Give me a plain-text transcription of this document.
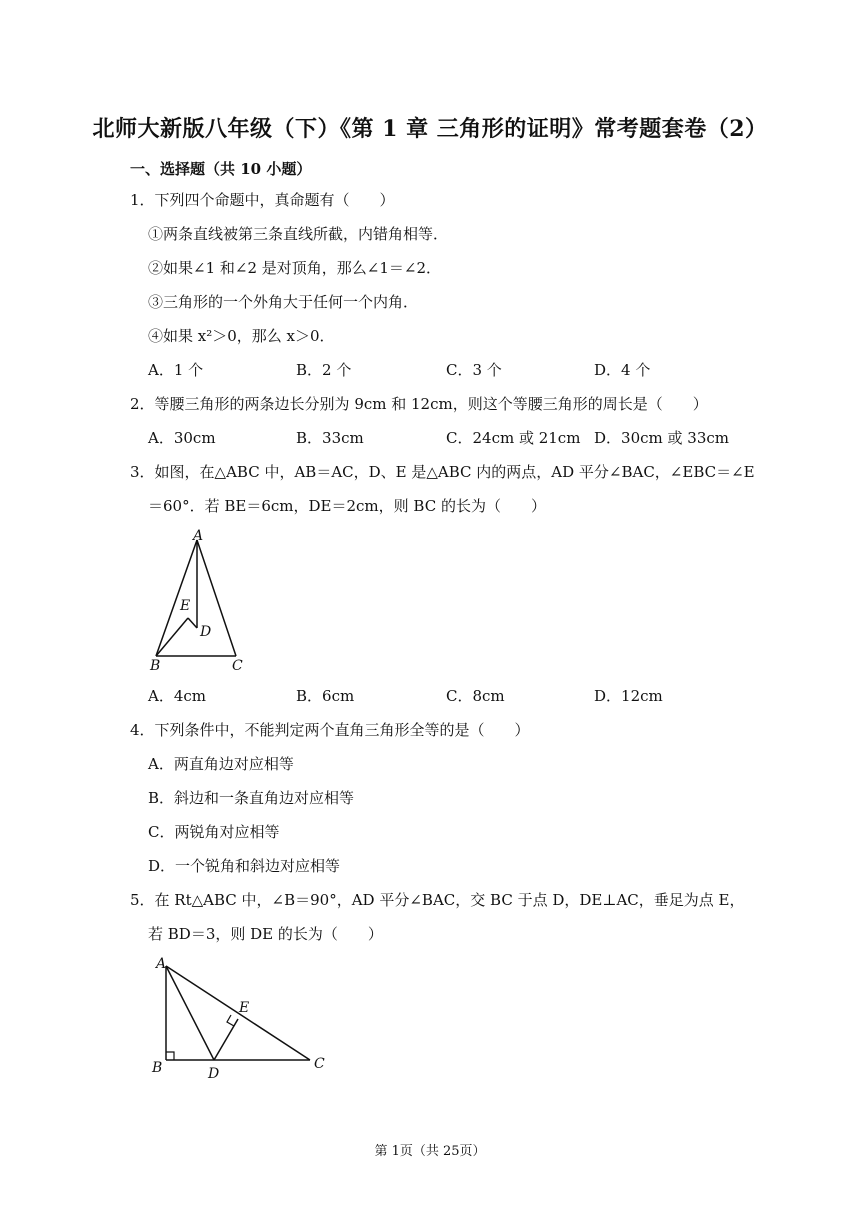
北师大新版八年级（下）《第 1 章 三角形的证明》常考题套卷（2）
一、选择题（共 10 小题）
1．下列四个命题中，真命题有（　　）
①两条直线被第三条直线所截，内错角相等．
②如果∠1 和∠2 是对顶角，那么∠1＝∠2．
③三角形的一个外角大于任何一个内角．
④如果 x²＞0，那么 x＞0．
A．1 个	B．2 个	C．3 个	D．4 个
2．等腰三角形的两条边长分别为 9cm 和 12cm，则这个等腰三角形的周长是（　　）
A．30cm	B．33cm	C．24cm 或 21cm D．30cm 或 33cm
3．如图，在△ABC 中，AB＝AC，D、E 是△ABC 内的两点，AD 平分∠BAC，∠EBC＝∠E
＝60°．若 BE＝6cm，DE＝2cm，则 BC 的长为（　　）
A
E
D
B	C
A．4cm	B．6cm	C．8cm	D．12cm
4．下列条件中，不能判定两个直角三角形全等的是（　　）
A．两直角边对应相等
B．斜边和一条直角边对应相等
C．两锐角对应相等
D．一个锐角和斜边对应相等
5．在 Rt△ABC 中，∠B＝90°，AD 平分∠BAC，交 BC 于点 D，DE⊥AC，垂足为点 E，
若 BD＝3，则 DE 的长为（　　）
A
E
B	D
C
第 1页（共 25页）
